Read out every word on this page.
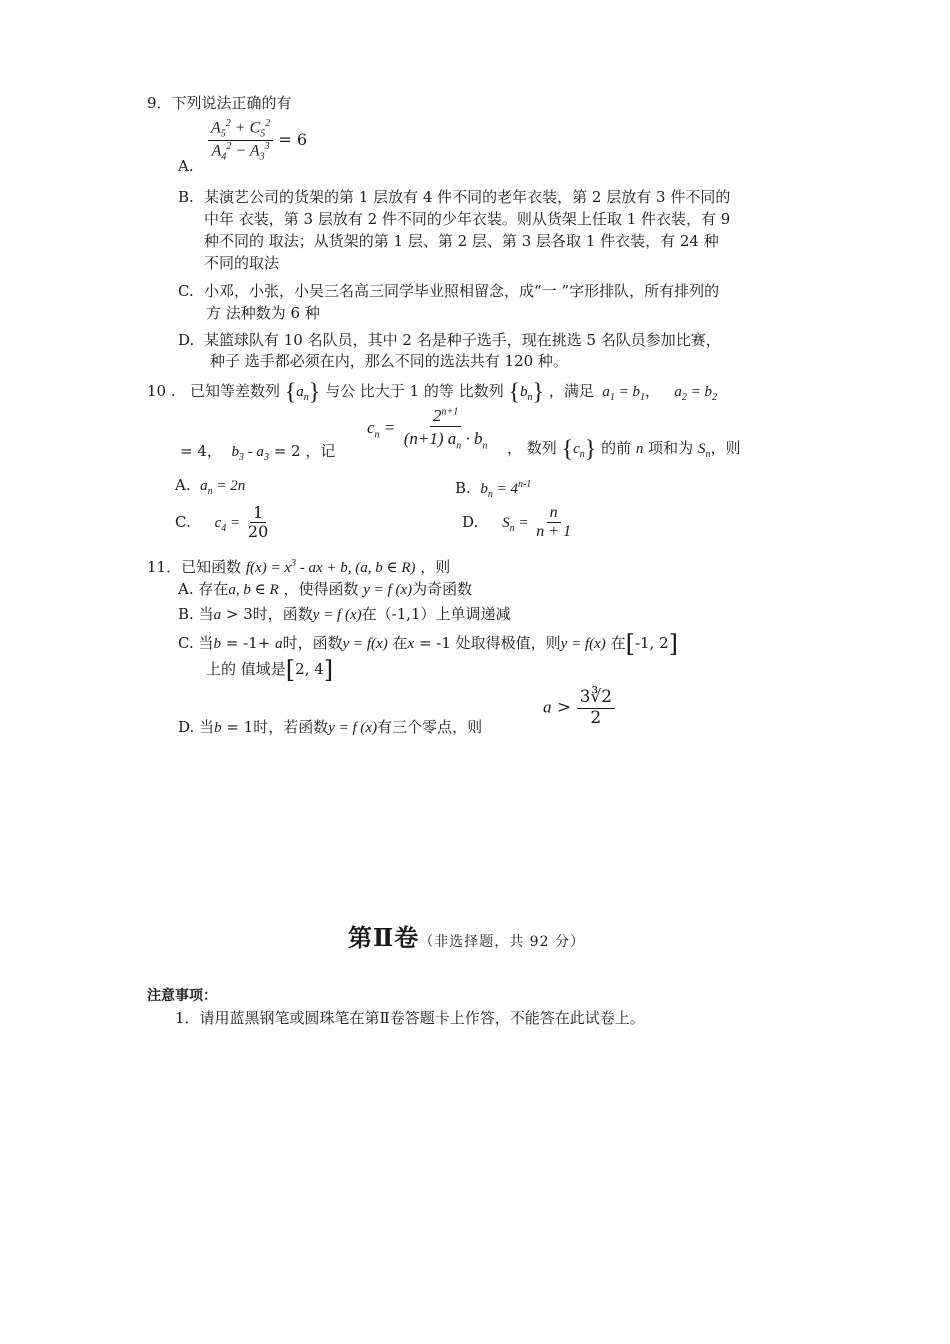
9．下列说法正确的有
A.
$\frac{A_5^2 + C_5^2}{A_4^2 - A_3^3} = 6$
B. 某演艺公司的货架的第 1 层放有 4 件不同的老年衣装，第 2 层放有 3 件不同的
中年 衣装，第 3 层放有 2 件不同的少年衣装。则从货架上任取 1 件衣装，有 9
种不同的 取法；从货架的第 1 层、第 2 层、第 3 层各取 1 件衣装，有 24 种
不同的取法
C. 小邓，小张，小吴三名高三同学毕业照相留念，成“一 ”字形排队，所有排列的
方 法种数为 6 种
D. 某篮球队有 10 名队员，其中 2 名是种子选手，现在挑选 5 名队员参加比赛，
种子 选手都必须在内，那么不同的选法共有 120 种。
10 . 已知等差数列 $\{a_n\}$ 与公 比大于 1 的等 比数列 $\{b_n\}$ ，满足  $a_1 = b_1$，   $a_2 = b_2$
= 4， $b_3 - a_3 = 2$ ，记
$c_n = \frac{2^{n+1}}{(n+1) a_n \cdot b_n}$ ， 数列 $\{c_n\}$ 的前 n 项和为 $S_n$，则
A. $a_n = 2n$	B. $b_n = 4^{n-1}$
C. $c_4 = \frac{1}{20}$	D. $S_n = \frac{n}{n + 1}$
11．已知函数 $f(x) = x^3$ - ax + b, (a, b ∈ R) ，则
A. 存在a, b ∈ R ，使得函数 y = f (x)为奇函数
B. 当a > 3时，函数y = f (x)在（-1,1）上单调递减
C. 当b = -1+ a时，函数y = f(x) 在x = -1 处取得极值，则y = f(x) 在[-1, 2]
上的 值域是[2, 4]
D. 当b = 1时，若函数y = f (x)有三个零点，则
$a > \frac{3∛2}{2}$
第Ⅱ卷（非选择题，共 92 分）
注意事项：
1．请用蓝黑钢笔或圆珠笔在第Ⅱ卷答题卡上作答，不能答在此试卷上。
